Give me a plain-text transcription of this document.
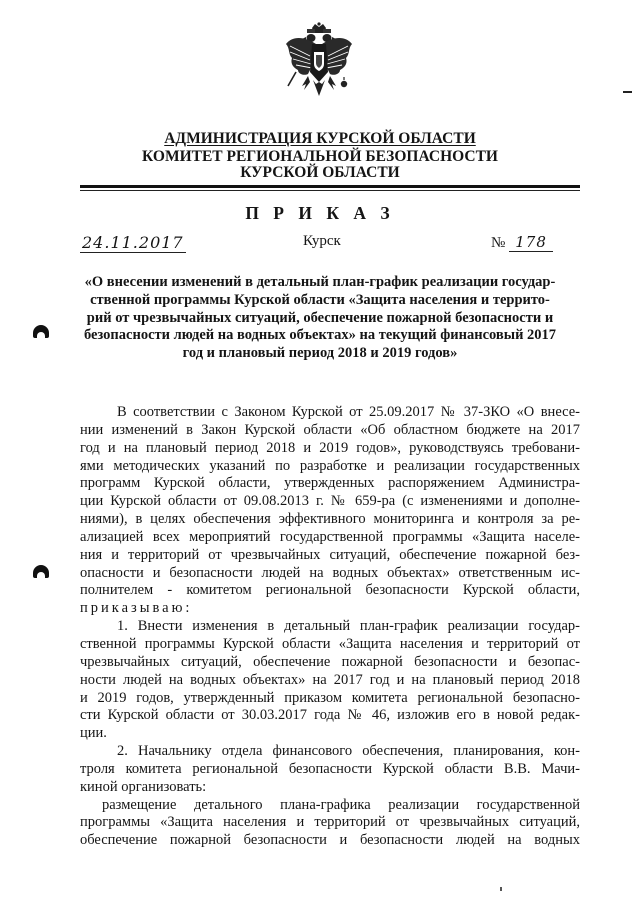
АДМИНИСТРАЦИЯ КУРСКОЙ ОБЛАСТИ
КОМИТЕТ РЕГИОНАЛЬНОЙ БЕЗОПАСНОСТИ
КУРСКОЙ ОБЛАСТИ
П Р И К А З
24.11.2017	Курск	№ 178
«О внесении изменений в детальный план-график реализации государ-
ственной программы Курской области «Защита населения и террито-
рий от чрезвычайных ситуаций, обеспечение пожарной безопасности и
безопасности людей на водных объектах» на текущий финансовый 2017
год и плановый период 2018 и 2019 годов»
В соответствии с Законом Курской от 25.09.2017 № 37-ЗКО «О внесе-
нии изменений в Закон Курской области «Об областном бюджете на 2017
год и на плановый период 2018 и 2019 годов», руководствуясь требовани-
ями методических указаний по разработке и реализации государственных
программ Курской области, утвержденных распоряжением Администра-
ции Курской области от 09.08.2013 г. № 659-ра (с изменениями и дополне-
ниями), в целях обеспечения эффективного мониторинга и контроля за ре-
ализацией всех мероприятий государственной программы «Защита населе-
ния и территорий от чрезвычайных ситуаций, обеспечение пожарной без-
опасности и безопасности людей на водных объектах» ответственным ис-
полнителем - комитетом региональной безопасности Курской области,
приказываю:
1. Внести изменения в детальный план-график реализации государ-
ственной программы Курской области «Защита населения и территорий от
чрезвычайных ситуаций, обеспечение пожарной безопасности и безопас-
ности людей на водных объектах» на 2017 год и на плановый период 2018
и 2019 годов, утвержденный приказом комитета региональной безопасно-
сти Курской области от 30.03.2017 года № 46, изложив его в новой редак-
ции.
2. Начальнику отдела финансового обеспечения, планирования, кон-
троля комитета региональной безопасности Курской области В.В. Мачи-
киной организовать:
размещение детального плана-графика реализации государственной
программы «Защита населения и территорий от чрезвычайных ситуаций,
обеспечение пожарной безопасности и безопасности людей на водных
